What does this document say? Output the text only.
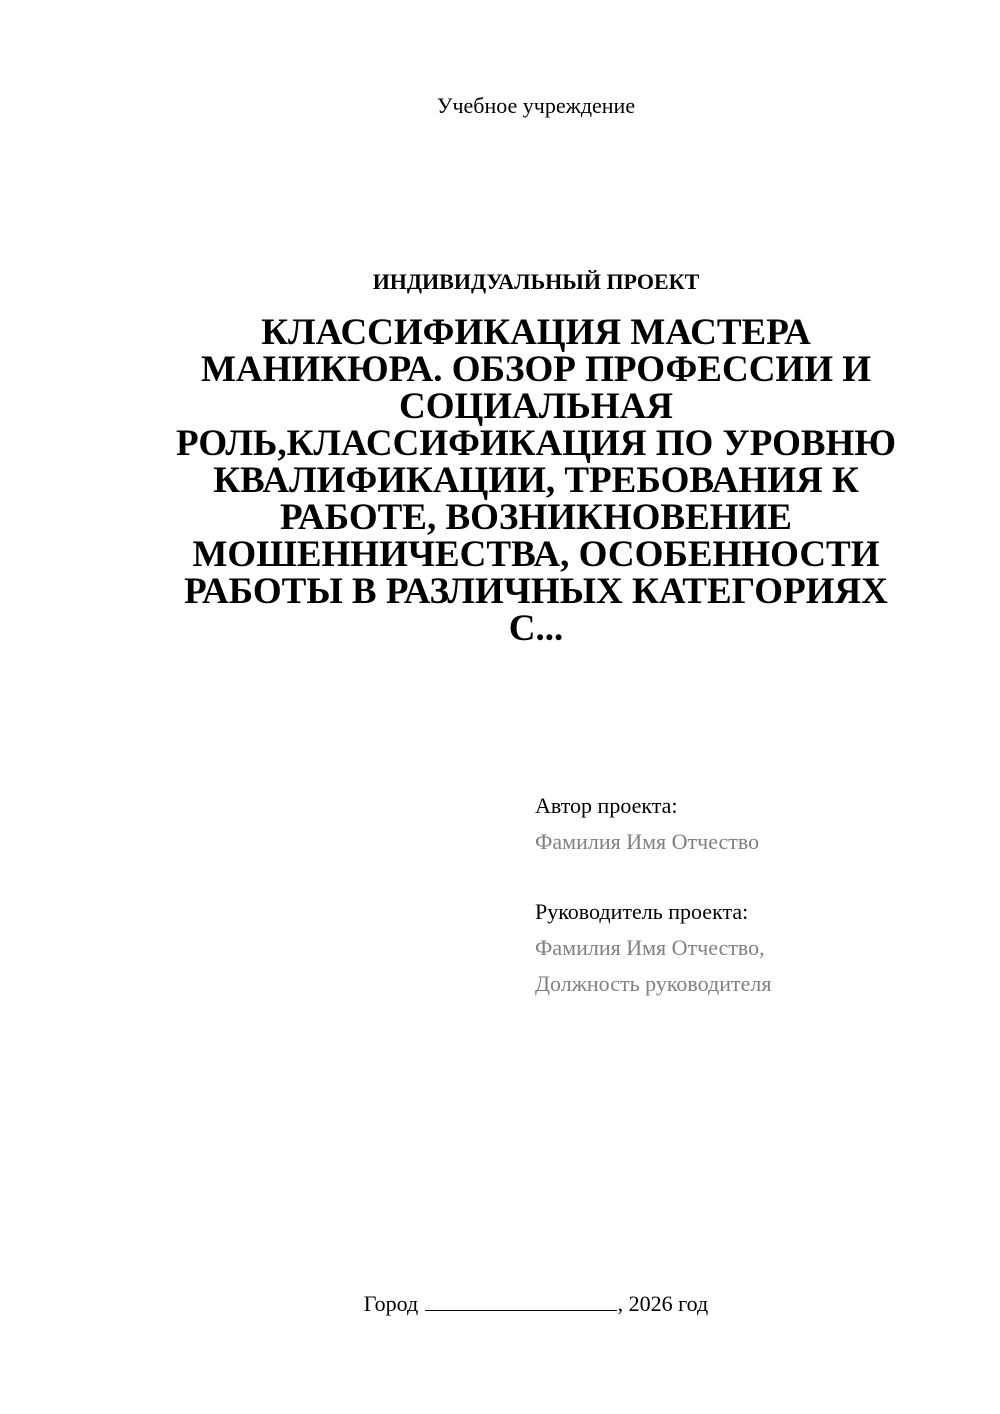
Учебное учреждение
ИНДИВИДУАЛЬНЫЙ ПРОЕКТ
КЛАССИФИКАЦИЯ МАСТЕРА
МАНИКЮРА. ОБЗОР ПРОФЕССИИ И
СОЦИАЛЬНАЯ
РОЛЬ,КЛАССИФИКАЦИЯ ПО УРОВНЮ
КВАЛИФИКАЦИИ, ТРЕБОВАНИЯ К
РАБОТЕ, ВОЗНИКНОВЕНИЕ
МОШЕННИЧЕСТВА, ОСОБЕННОСТИ
РАБОТЫ В РАЗЛИЧНЫХ КАТЕГОРИЯХ
С...
Автор проекта:
Фамилия Имя Отчество
Руководитель проекта:
Фамилия Имя Отчество,
Должность руководителя
Город	, 2026 год
